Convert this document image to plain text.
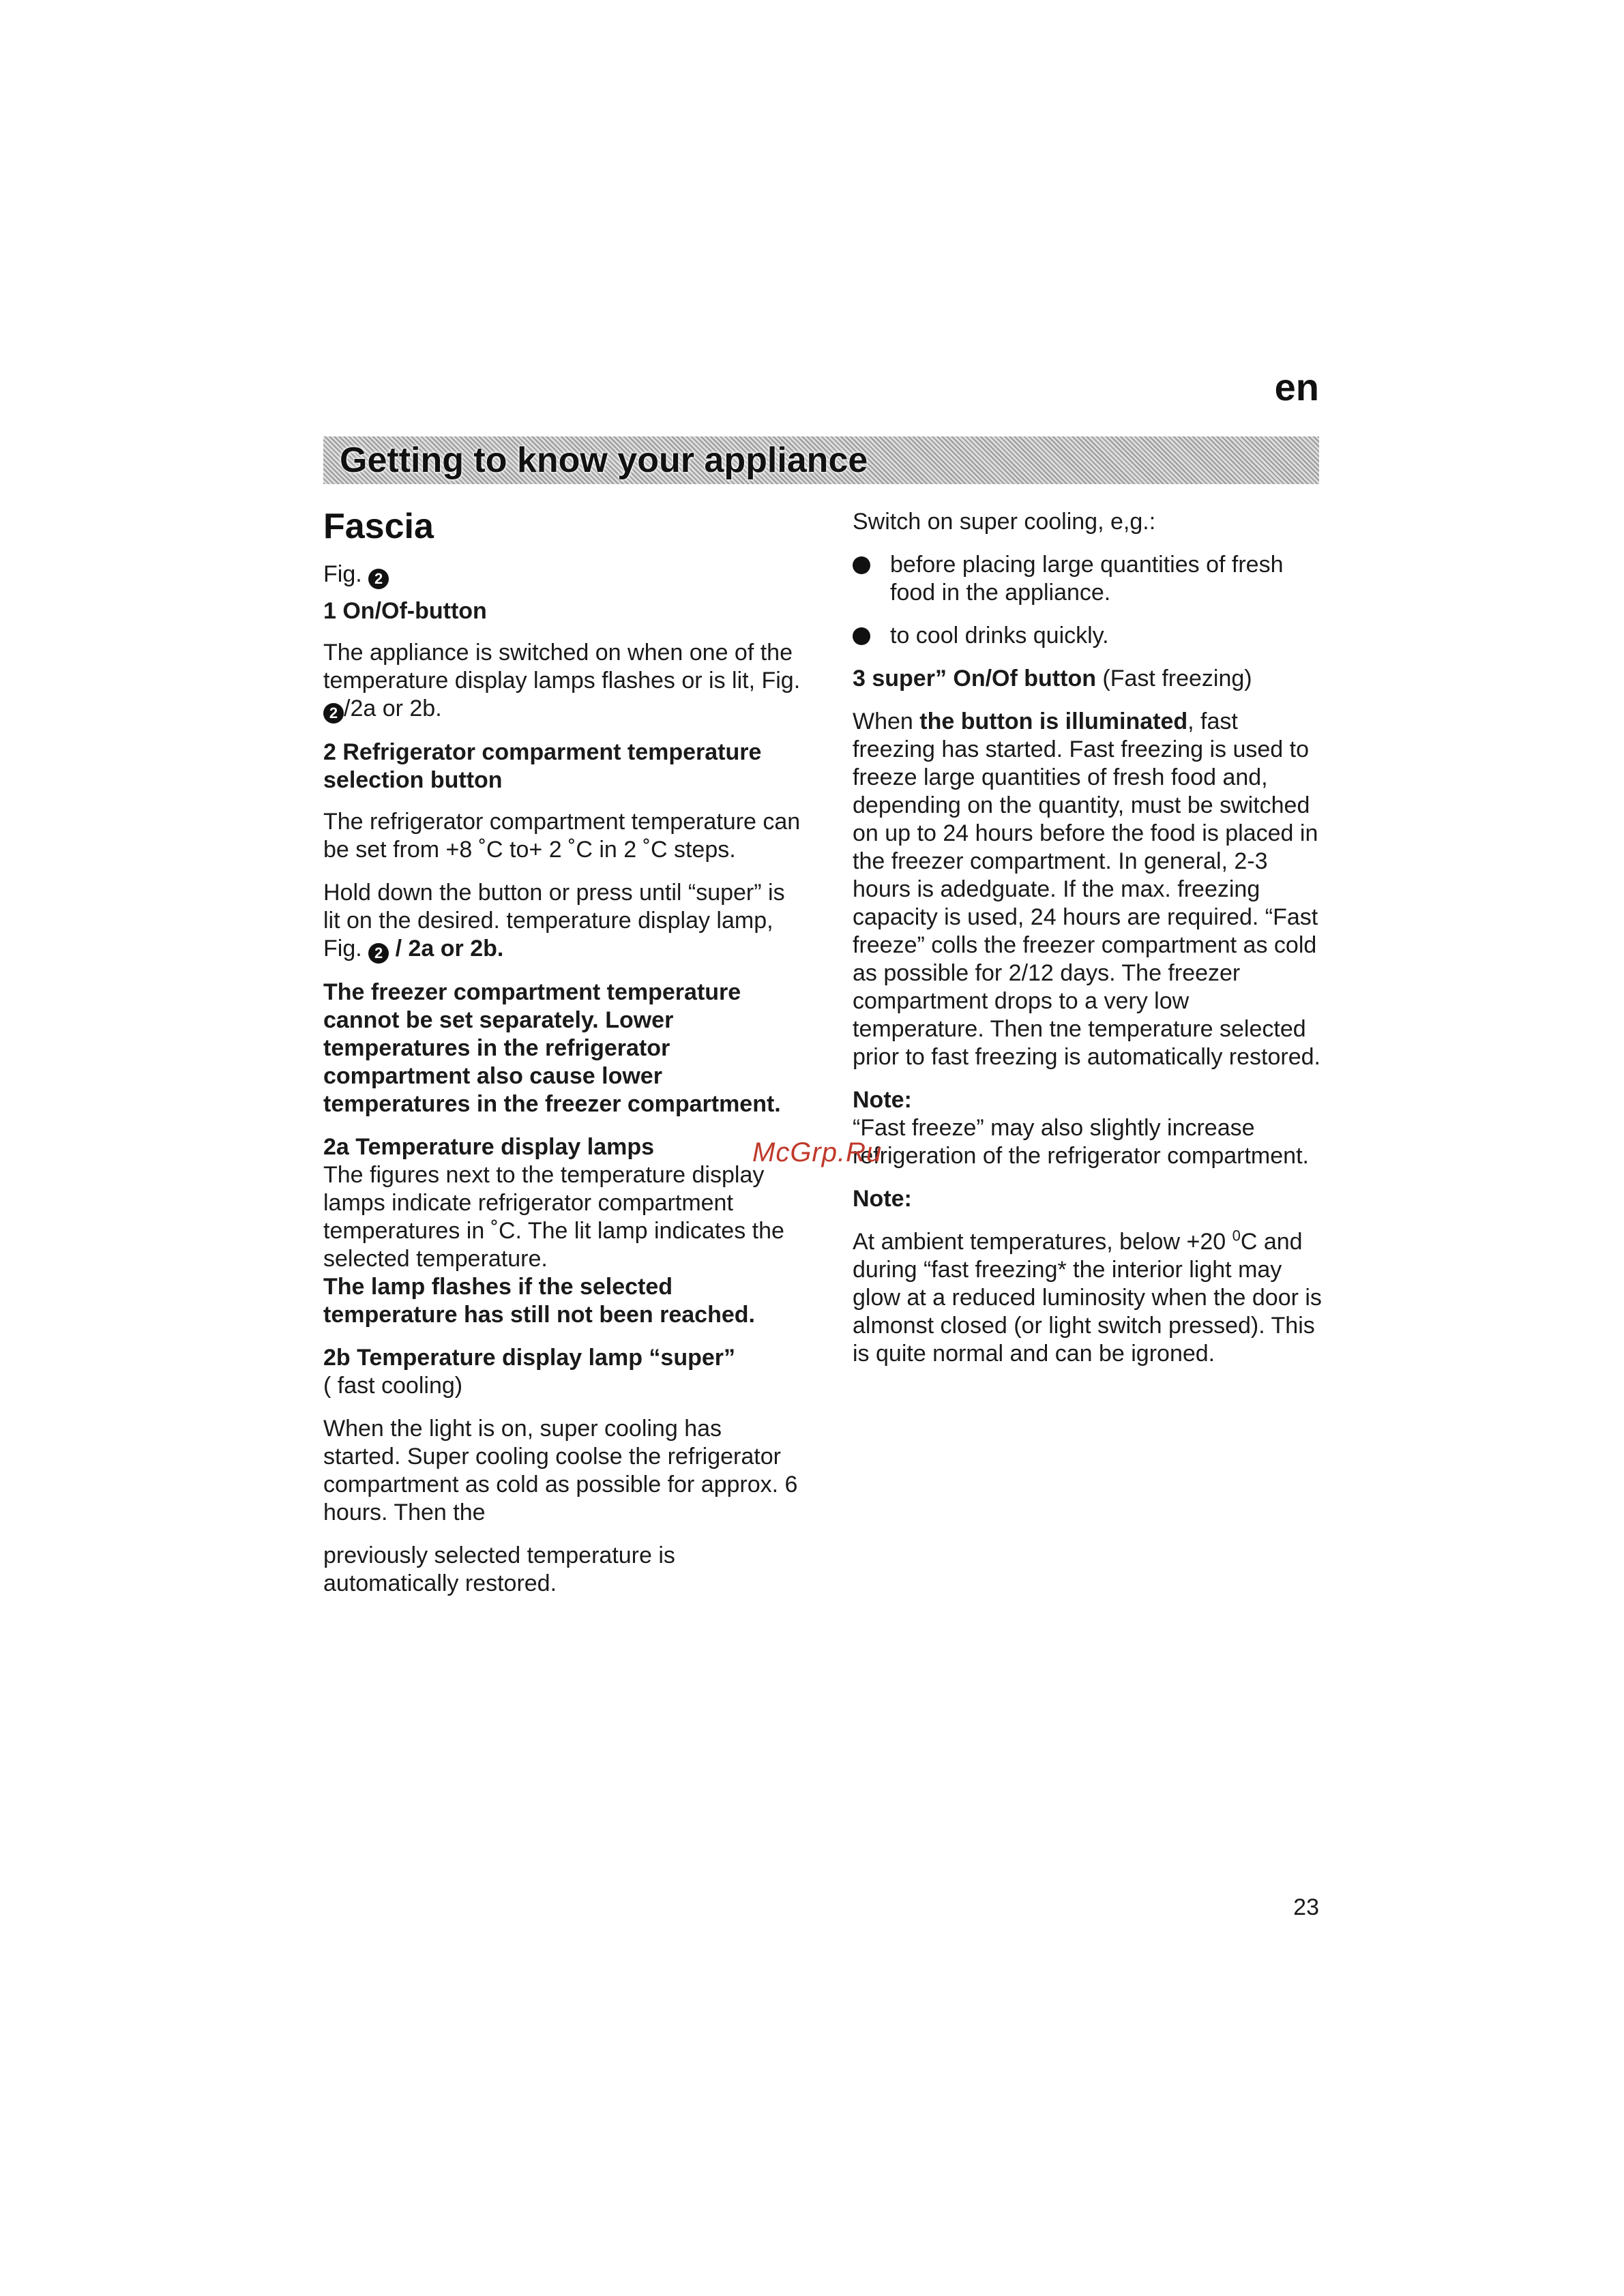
en
Getting to know your appliance
Fascia

Fig. 2

1 On/Of-button

The appliance is switched on when one of the temperature display lamps flashes or is lit, Fig. 2 /2a or 2b.

2 Refrigerator comparment temperature selection button

The refrigerator compartment temperature can be set from +8 ˚C to+ 2 ˚C in 2 ˚C steps.

Hold down the button or press until “super” is lit on the desired. temperature display lamp, Fig. 2 / 2a or 2b.

The freezer compartment temperature cannot be set separately. Lower temperatures in the refrigerator compartment also cause lower temperatures in the freezer compartment.

2a Temperature display lamps

The figures next to the temperature display lamps indicate refrigerator compartment temperatures in ˚C. The lit lamp indicates the selected temperature.

The lamp flashes if the selected temperature has still not been reached.

2b Temperature display lamp “super”

( fast cooling)

When the light is on, super cooling has started. Super cooling coolse the refrigerator compartment as cold as possible for approx. 6 hours. Then the

previously selected temperature is automatically restored.

Switch on super cooling, e,g.:

before placing large quantities of fresh food in the appliance.

to cool drinks quickly.

3 super” On/Of button (Fast freezing)

When the button is illuminated, fast freezing has started. Fast freezing is used to freeze large quantities of fresh food and, depending on the quantity, must be switched on up to 24 hours before the food is placed in the freezer compartment. In general, 2-3 hours is adedguate. If the max. freezing capacity is used, 24 hours are required. “Fast freeze” colls the freezer compartment as cold as possible for 2/12 days. The freezer compartment drops to a very low temperature. Then tne temperature selected prior to fast freezing is automatically restored.

Note:

“Fast freeze” may also slightly increase refrigeration of the refrigerator compartment.

Note:

At ambient temperatures, below +20 $^0$C and during “fast freezing* the interior light may glow at a reduced luminosity when the door is almonst closed (or light switch pressed). This is quite normal and can be igroned.

McGrp.Ru
23
